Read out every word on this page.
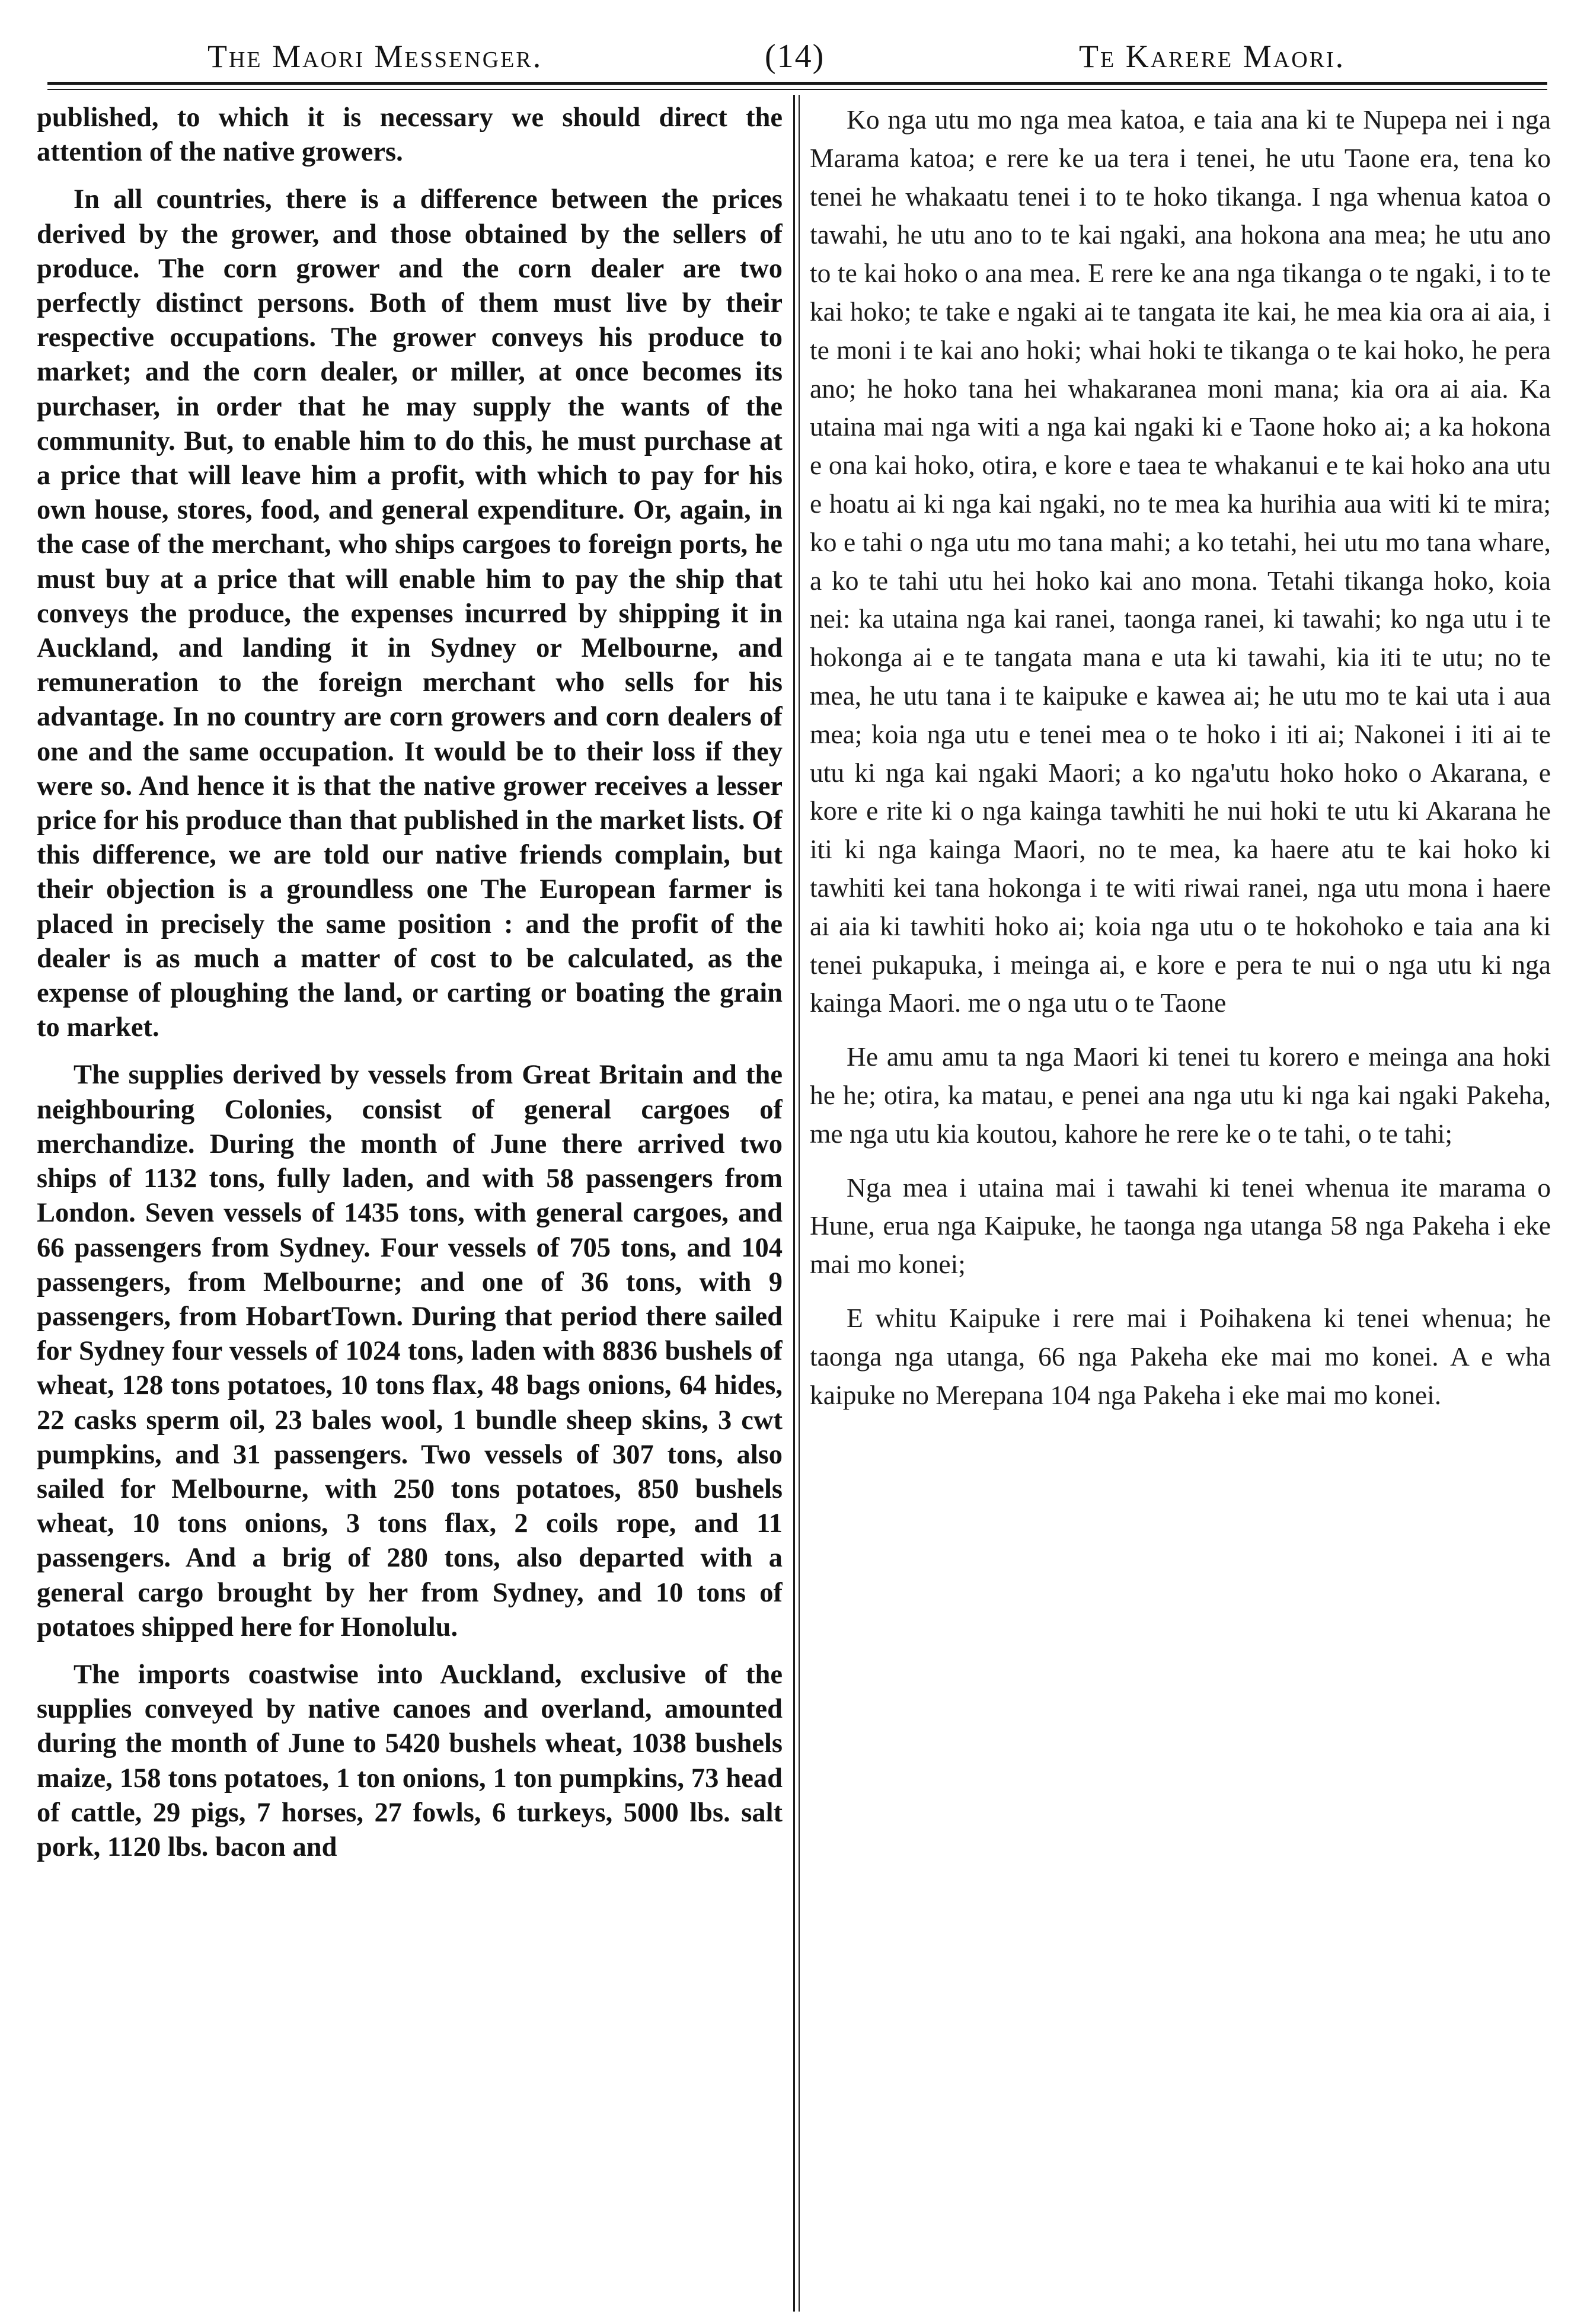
The Maori Messenger.	(14)	Te Karere Maori.

published, to which it is necessary we should direct the attention of the native growers.

In all countries, there is a difference between the prices derived by the grower, and those obtained by the sellers of produce. The corn grower and the corn dealer are two perfectly distinct persons. Both of them must live by their respective occupations. The grower conveys his produce to market; and the corn dealer, or miller, at once becomes its purchaser, in order that he may supply the wants of the community. But, to enable him to do this, he must purchase at a price that will leave him a profit, with which to pay for his own house, stores, food, and general expenditure. Or, again, in the case of the merchant, who ships cargoes to foreign ports, he must buy at a price that will enable him to pay the ship that conveys the produce, the expenses incurred by shipping it in Auckland, and landing it in Sydney or Melbourne, and remuneration to the foreign merchant who sells for his advantage. In no country are corn growers and corn dealers of one and the same occupation. It would be to their loss if they were so. And hence it is that the native grower receives a lesser price for his produce than that published in the market lists. Of this difference, we are told our native friends complain, but their objection is a groundless one The European farmer is placed in precisely the same position : and the profit of the dealer is as much a matter of cost to be calculated, as the expense of ploughing the land, or carting or boating the grain to market.

The supplies derived by vessels from Great Britain and the neighbouring Colonies, consist of general cargoes of merchandize. During the month of June there arrived two ships of 1132 tons, fully laden, and with 58 passengers from London. Seven vessels of 1435 tons, with general cargoes, and 66 passengers from Sydney. Four vessels of 705 tons, and 104 passengers, from Melbourne; and one of 36 tons, with 9 passengers, from HobartTown. During that period there sailed for Sydney four vessels of 1024 tons, laden with 8836 bushels of wheat, 128 tons potatoes, 10 tons flax, 48 bags onions, 64 hides, 22 casks sperm oil, 23 bales wool, 1 bundle sheep skins, 3 cwt pumpkins, and 31 passengers. Two vessels of 307 tons, also sailed for Melbourne, with 250 tons potatoes, 850 bushels wheat, 10 tons onions, 3 tons flax, 2 coils rope, and 11 passengers. And a brig of 280 tons, also departed with a general cargo brought by her from Sydney, and 10 tons of potatoes shipped here for Honolulu.

The imports coastwise into Auckland, exclusive of the supplies conveyed by native canoes and overland, amounted during the month of June to 5420 bushels wheat, 1038 bushels maize, 158 tons potatoes, 1 ton onions, 1 ton pumpkins, 73 head of cattle, 29 pigs, 7 horses, 27 fowls, 6 turkeys, 5000 lbs. salt pork, 1120 lbs. bacon and

Ko nga utu mo nga mea katoa, e taia ana ki te Nupepa nei i nga Marama katoa; e rere ke ua tera i tenei, he utu Taone era, tena ko tenei he whakaatu tenei i to te hoko tikanga. I nga whenua katoa o tawahi, he utu ano to te kai ngaki, ana hokona ana mea; he utu ano to te kai hoko o ana mea. E rere ke ana nga tikanga o te ngaki, i to te kai hoko; te take e ngaki ai te tangata ite kai, he mea kia ora ai aia, i te moni i te kai ano hoki; whai hoki te tikanga o te kai hoko, he pera ano; he hoko tana hei whakaranea moni mana; kia ora ai aia. Ka utaina mai nga witi a nga kai ngaki ki e Taone hoko ai; a ka hokona e ona kai hoko, otira, e kore e taea te whakanui e te kai hoko ana utu e hoatu ai ki nga kai ngaki, no te mea ka hurihia aua witi ki te mira; ko e tahi o nga utu mo tana mahi; a ko tetahi, hei utu mo tana whare, a ko te tahi utu hei hoko kai ano mona. Tetahi tikanga hoko, koia nei: ka utaina nga kai ranei, taonga ranei, ki tawahi; ko nga utu i te hokonga ai e te tangata mana e uta ki tawahi, kia iti te utu; no te mea, he utu tana i te kaipuke e kawea ai; he utu mo te kai uta i aua mea; koia nga utu e tenei mea o te hoko i iti ai; Nakonei i iti ai te utu ki nga kai ngaki Maori; a ko nga'utu hoko hoko o Akarana, e kore e rite ki o nga kainga tawhiti he nui hoki te utu ki Akarana he iti ki nga kainga Maori, no te mea, ka haere atu te kai hoko ki tawhiti kei tana hokonga i te witi riwai ranei, nga utu mona i haere ai aia ki tawhiti hoko ai; koia nga utu o te hokohoko e taia ana ki tenei pukapuka, i meinga ai, e kore e pera te nui o nga utu ki nga kainga Maori. me o nga utu o te Taone

He amu amu ta nga Maori ki tenei tu korero e meinga ana hoki he he; otira, ka matau, e penei ana nga utu ki nga kai ngaki Pakeha, me nga utu kia koutou, kahore he rere ke o te tahi, o te tahi;

Nga mea i utaina mai i tawahi ki tenei whenua ite marama o Hune, erua nga Kaipuke, he taonga nga utanga 58 nga Pakeha i eke mai mo konei;

E whitu Kaipuke i rere mai i Poihakena ki tenei whenua; he taonga nga utanga, 66 nga Pakeha eke mai mo konei. A e wha kaipuke no Merepana 104 nga Pakeha i eke mai mo konei.
